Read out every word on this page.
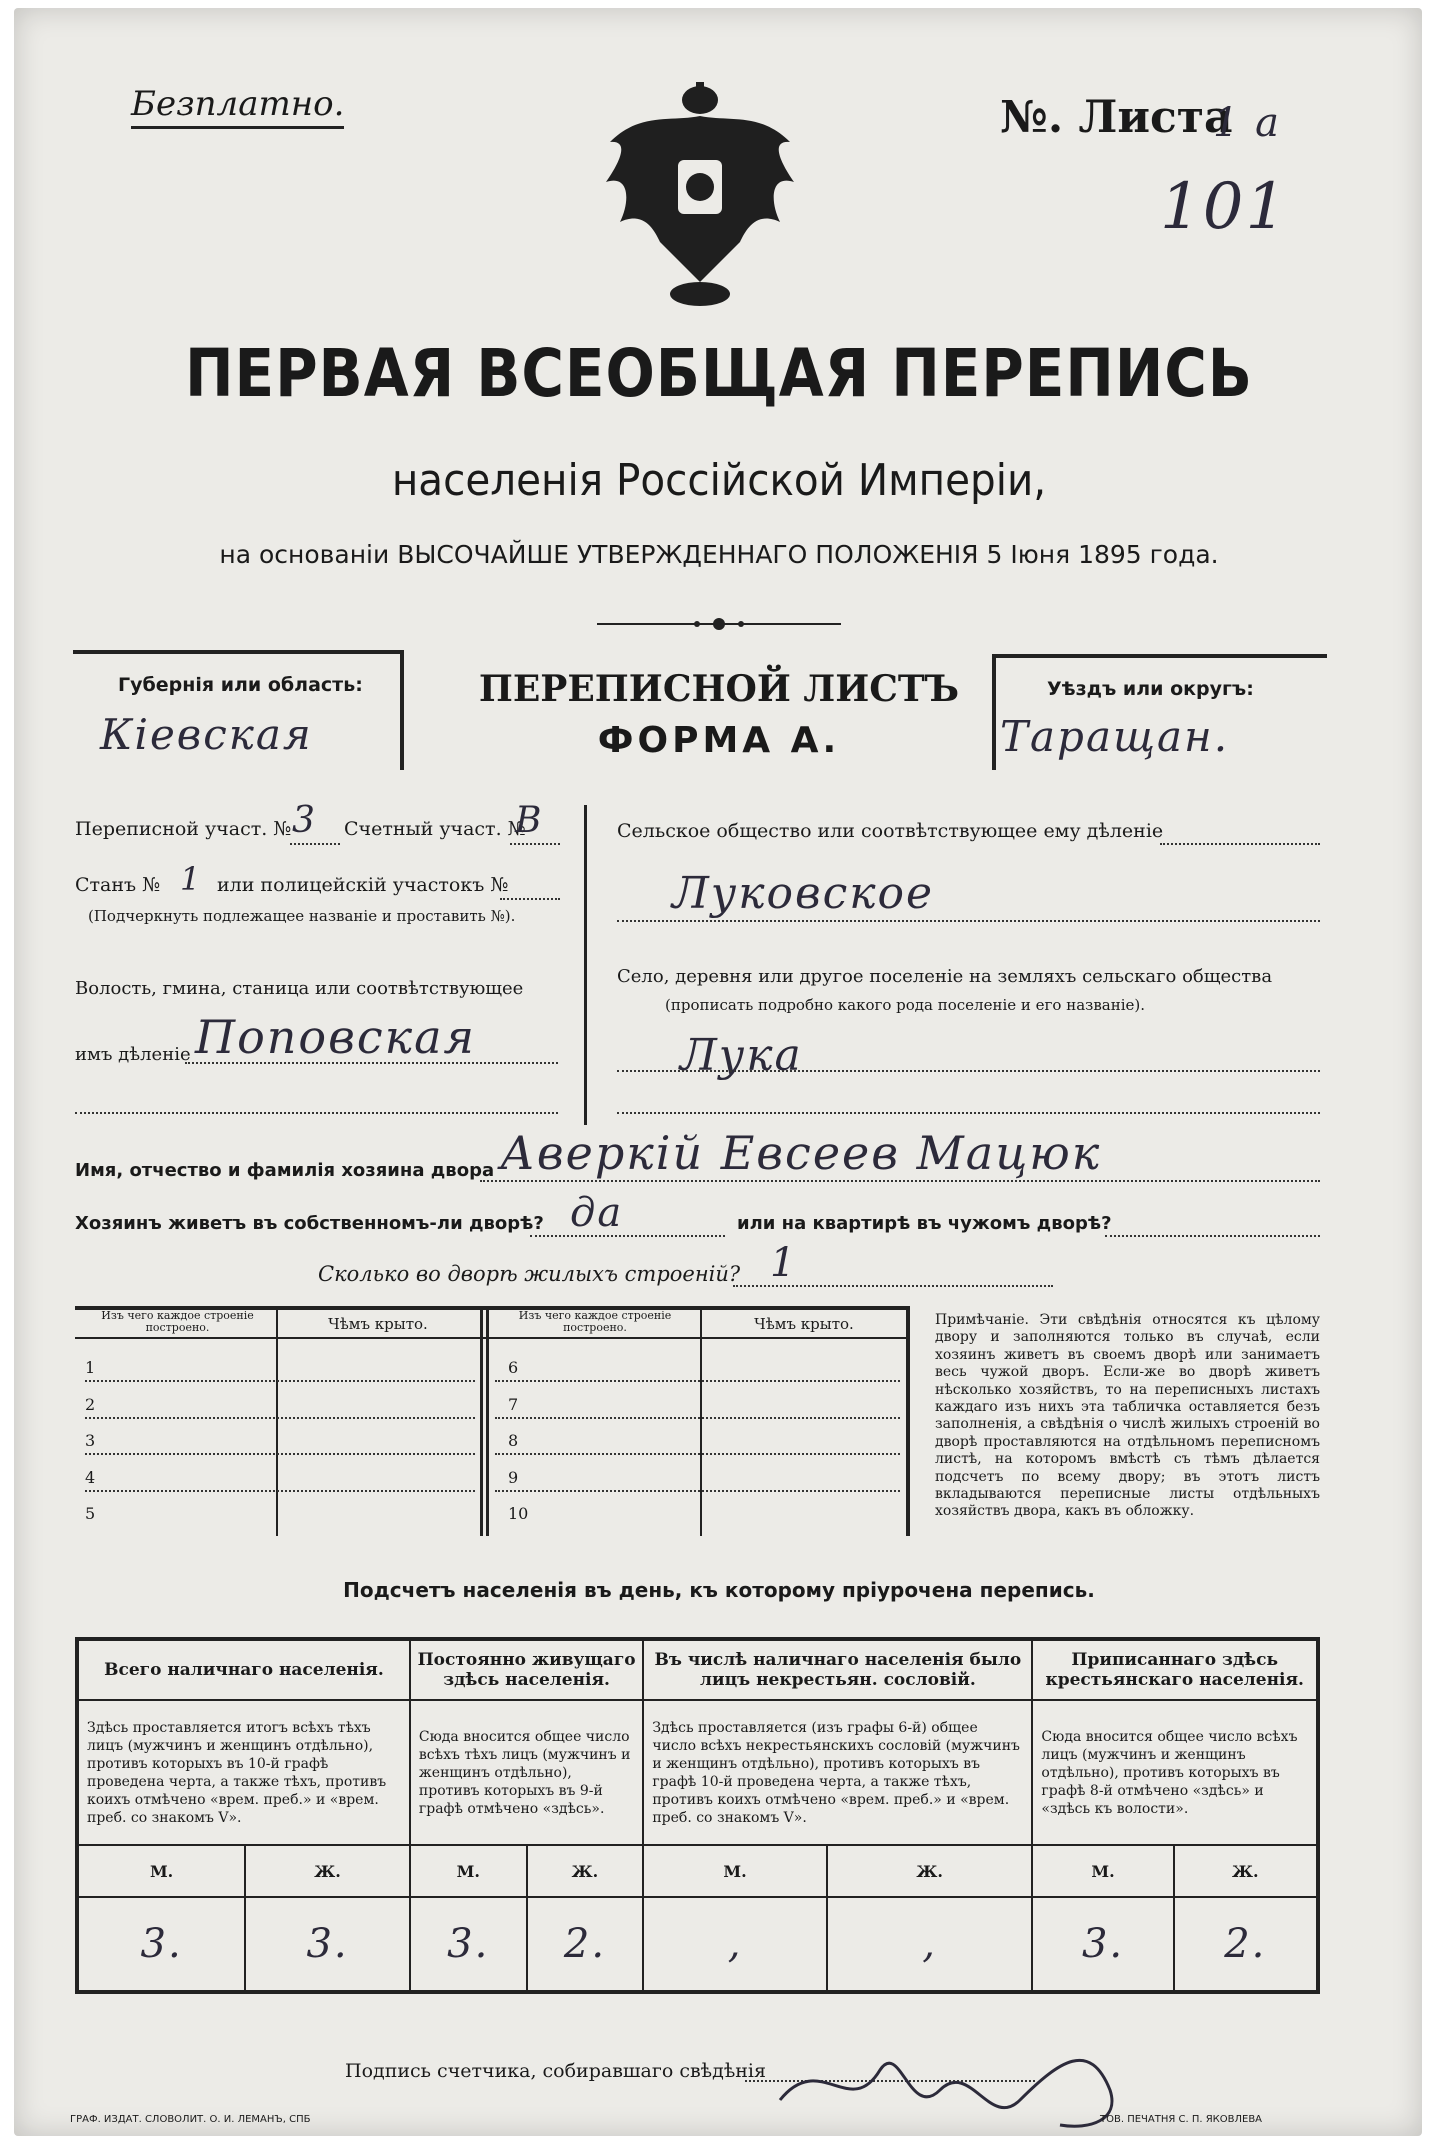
Безплатно.	№. Листа
1 а
101
ПЕРВАЯ ВСЕОБЩАЯ ПЕРЕПИСЬ
населенія Россійской Имперіи,
на основаніи ВЫСОЧАЙШЕ УТВЕРЖДЕННАГО ПОЛОЖЕНІЯ 5 Іюня 1895 года.
Губернія или область:
Кіевская
Уѣздъ или округъ:
Таращан.
ПЕРЕПИСНОЙ ЛИСТЪ
ФОРМА А.
Переписной участ. № 3 Счетный участ. №
В
Станъ № 1 или полицейскій участокъ №
(Подчеркнуть подлежащее названіе и проставить №).
Волость, гмина, станица или соотвѣтствующее
имъ дѣленіе Поповская
Сельское общество или соотвѣтствующее ему дѣленіе
Луковское
Село, деревня или другое поселеніе на земляхъ сельскаго общества
(прописать подробно какого рода поселеніе и его названіе).
Лука
Имя, отчество и фамилія хозяина двора Аверкій Евсеев Мацюк
Хозяинъ живетъ въ собственномъ-ли дворѣ? да	или на квартирѣ въ чужомъ дворѣ?
Сколько во дворѣ жилыхъ строеній? 1
Изъ чего каждое строеніе построено.	Чѣмъ крыто.	Изъ чего каждое строеніе построено.	Чѣмъ крыто.
1
2
3
4
5
6
7
8
9
10
Примѣчаніе. Эти свѣдѣнія относятся къ цѣлому двору и заполняются только въ случаѣ, если хозяинъ живетъ въ своемъ дворѣ или занимаетъ весь чужой дворъ. Если-же во дворѣ живетъ нѣсколько хозяйствъ, то на переписныхъ листахъ каждаго изъ нихъ эта табличка оставляется безъ заполненія, а свѣдѣнія о числѣ жилыхъ строеній во дворѣ проставляются на отдѣльномъ переписномъ листѣ, на которомъ вмѣстѣ съ тѣмъ дѣлается подсчетъ по всему двору; въ этотъ листъ вкладываются переписные листы отдѣльныхъ хозяйствъ двора, какъ въ обложку.
Подсчетъ населенія въ день, къ которому пріурочена перепись.
Всего наличнаго населенія.		Постоянно живущаго здѣсь населенія.		Въ числѣ наличнаго населенія было лицъ некрестьян. сословій.		Приписаннаго здѣсь крестьянскаго населенія.	
Здѣсь проставляется итогъ всѣхъ тѣхъ лицъ (мужчинъ и женщинъ отдѣльно), противъ которыхъ въ 10-й графѣ проведена черта, а также тѣхъ, противъ коихъ отмѣчено «врем. преб.» и «врем. преб. со знакомъ V».		Сюда вносится общее число всѣхъ тѣхъ лицъ (мужчинъ и женщинъ отдѣльно), противъ которыхъ въ 9-й графѣ отмѣчено «здѣсь».		Здѣсь проставляется (изъ графы 6-й) общее число всѣхъ некрестьянскихъ сословій (мужчинъ и женщинъ отдѣльно), противъ которыхъ въ графѣ 10-й проведена черта, а также тѣхъ, противъ коихъ отмѣчено «врем. преб.» и «врем. преб. со знакомъ V».		Сюда вносится общее число всѣхъ лицъ (мужчинъ и женщинъ отдѣльно), противъ которыхъ въ графѣ 8-й отмѣчено «здѣсь» и «здѣсь къ волости».	
М.	Ж.	М.	Ж.	М.	Ж.	М.	Ж.
3.	3.	3.	2.	,	,	3.	2.
Подпись счетчика, собиравшаго свѣдѣнія
ГРАФ. ИЗДАТ. СЛОВОЛИТ. О. И. ЛЕМАНЪ, СПБ	ТОВ. ПЕЧАТНЯ С. П. ЯКОВЛЕВА
